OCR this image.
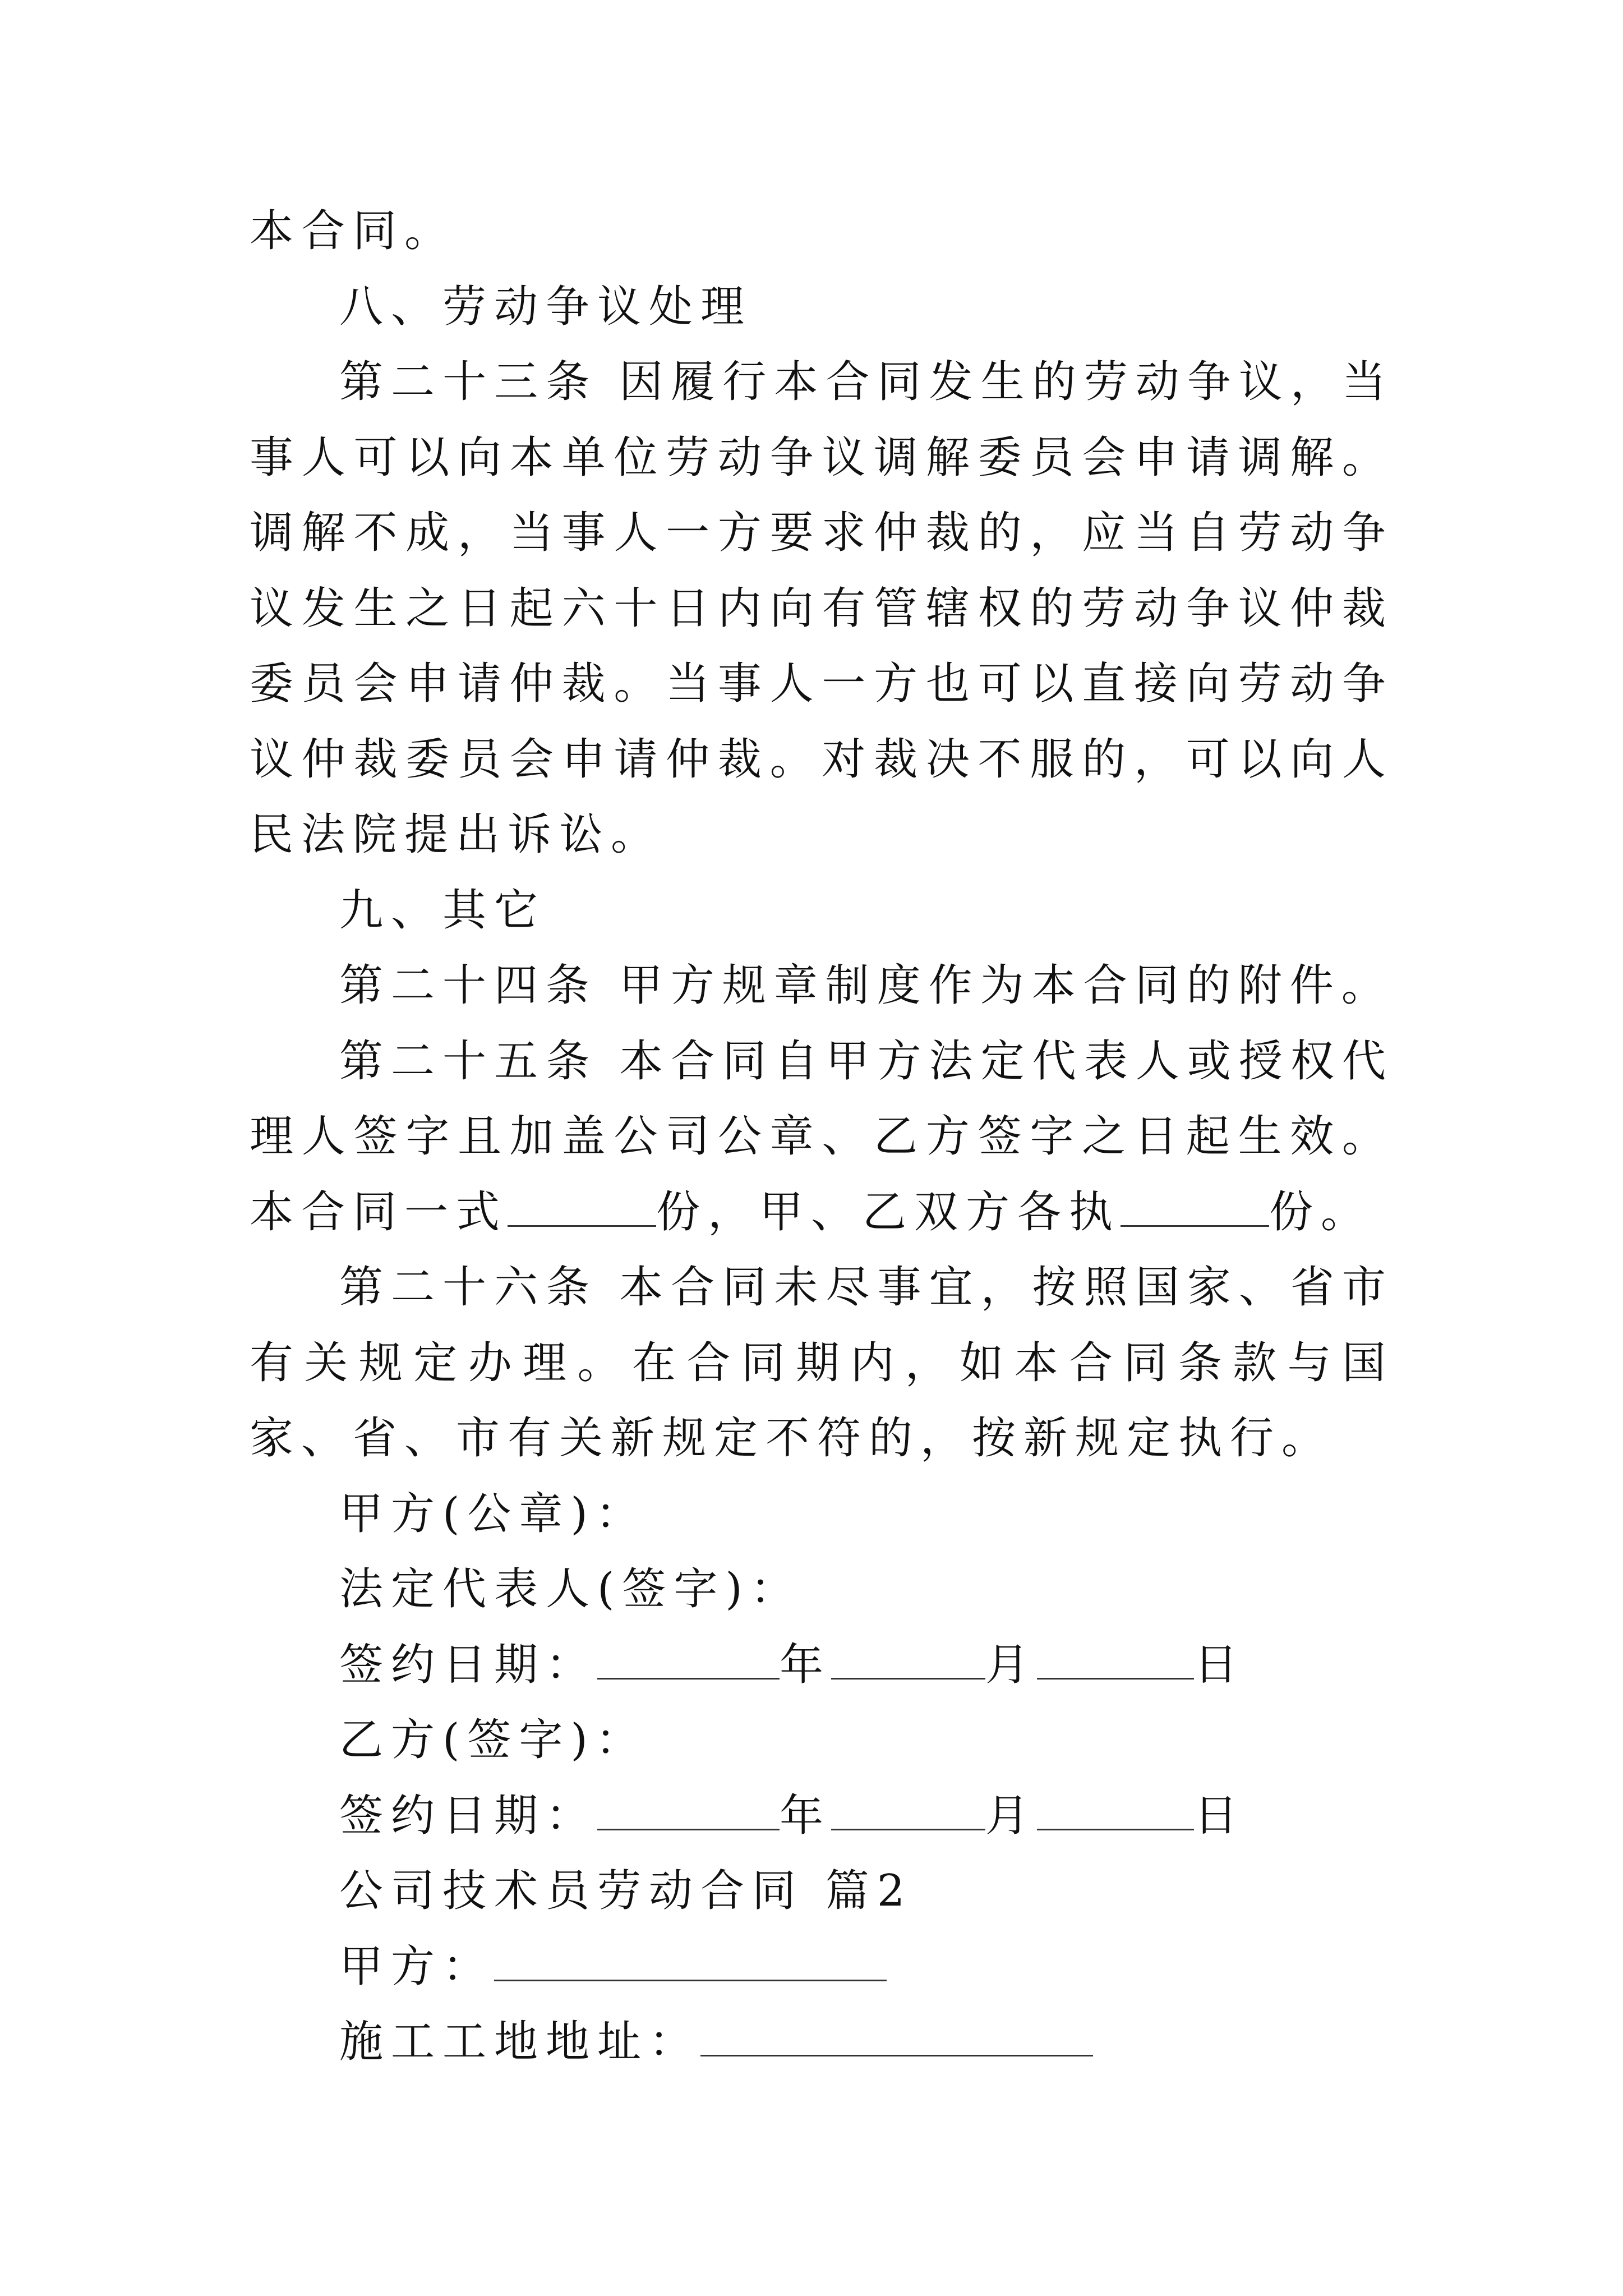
本合同。

八、劳动争议处理

第二十三条 因履行本合同发生的劳动争议，当事人可以向本单位劳动争议调解委员会申请调解。调解不成，当事人一方要求仲裁的，应当自劳动争议发生之日起六十日内向有管辖权的劳动争议仲裁委员会申请仲裁。当事人一方也可以直接向劳动争议仲裁委员会申请仲裁。对裁决不服的，可以向人民法院提出诉讼。

九、其它

第二十四条 甲方规章制度作为本合同的附件。

第二十五条 本合同自甲方法定代表人或授权代理人签字且加盖公司公章、乙方签字之日起生效。本合同一式	份，甲、乙双方各执	份。

第二十六条 本合同未尽事宜，按照国家、省市有关规定办理。在合同期内，如本合同条款与国家、省、市有关新规定不符的，按新规定执行。

甲方(公章)：

法定代表人(签字)：

签约日期：	年	月	日

乙方(签字)：

签约日期：	年	月	日

公司技术员劳动合同 篇2

甲方：

施工工地地址：
